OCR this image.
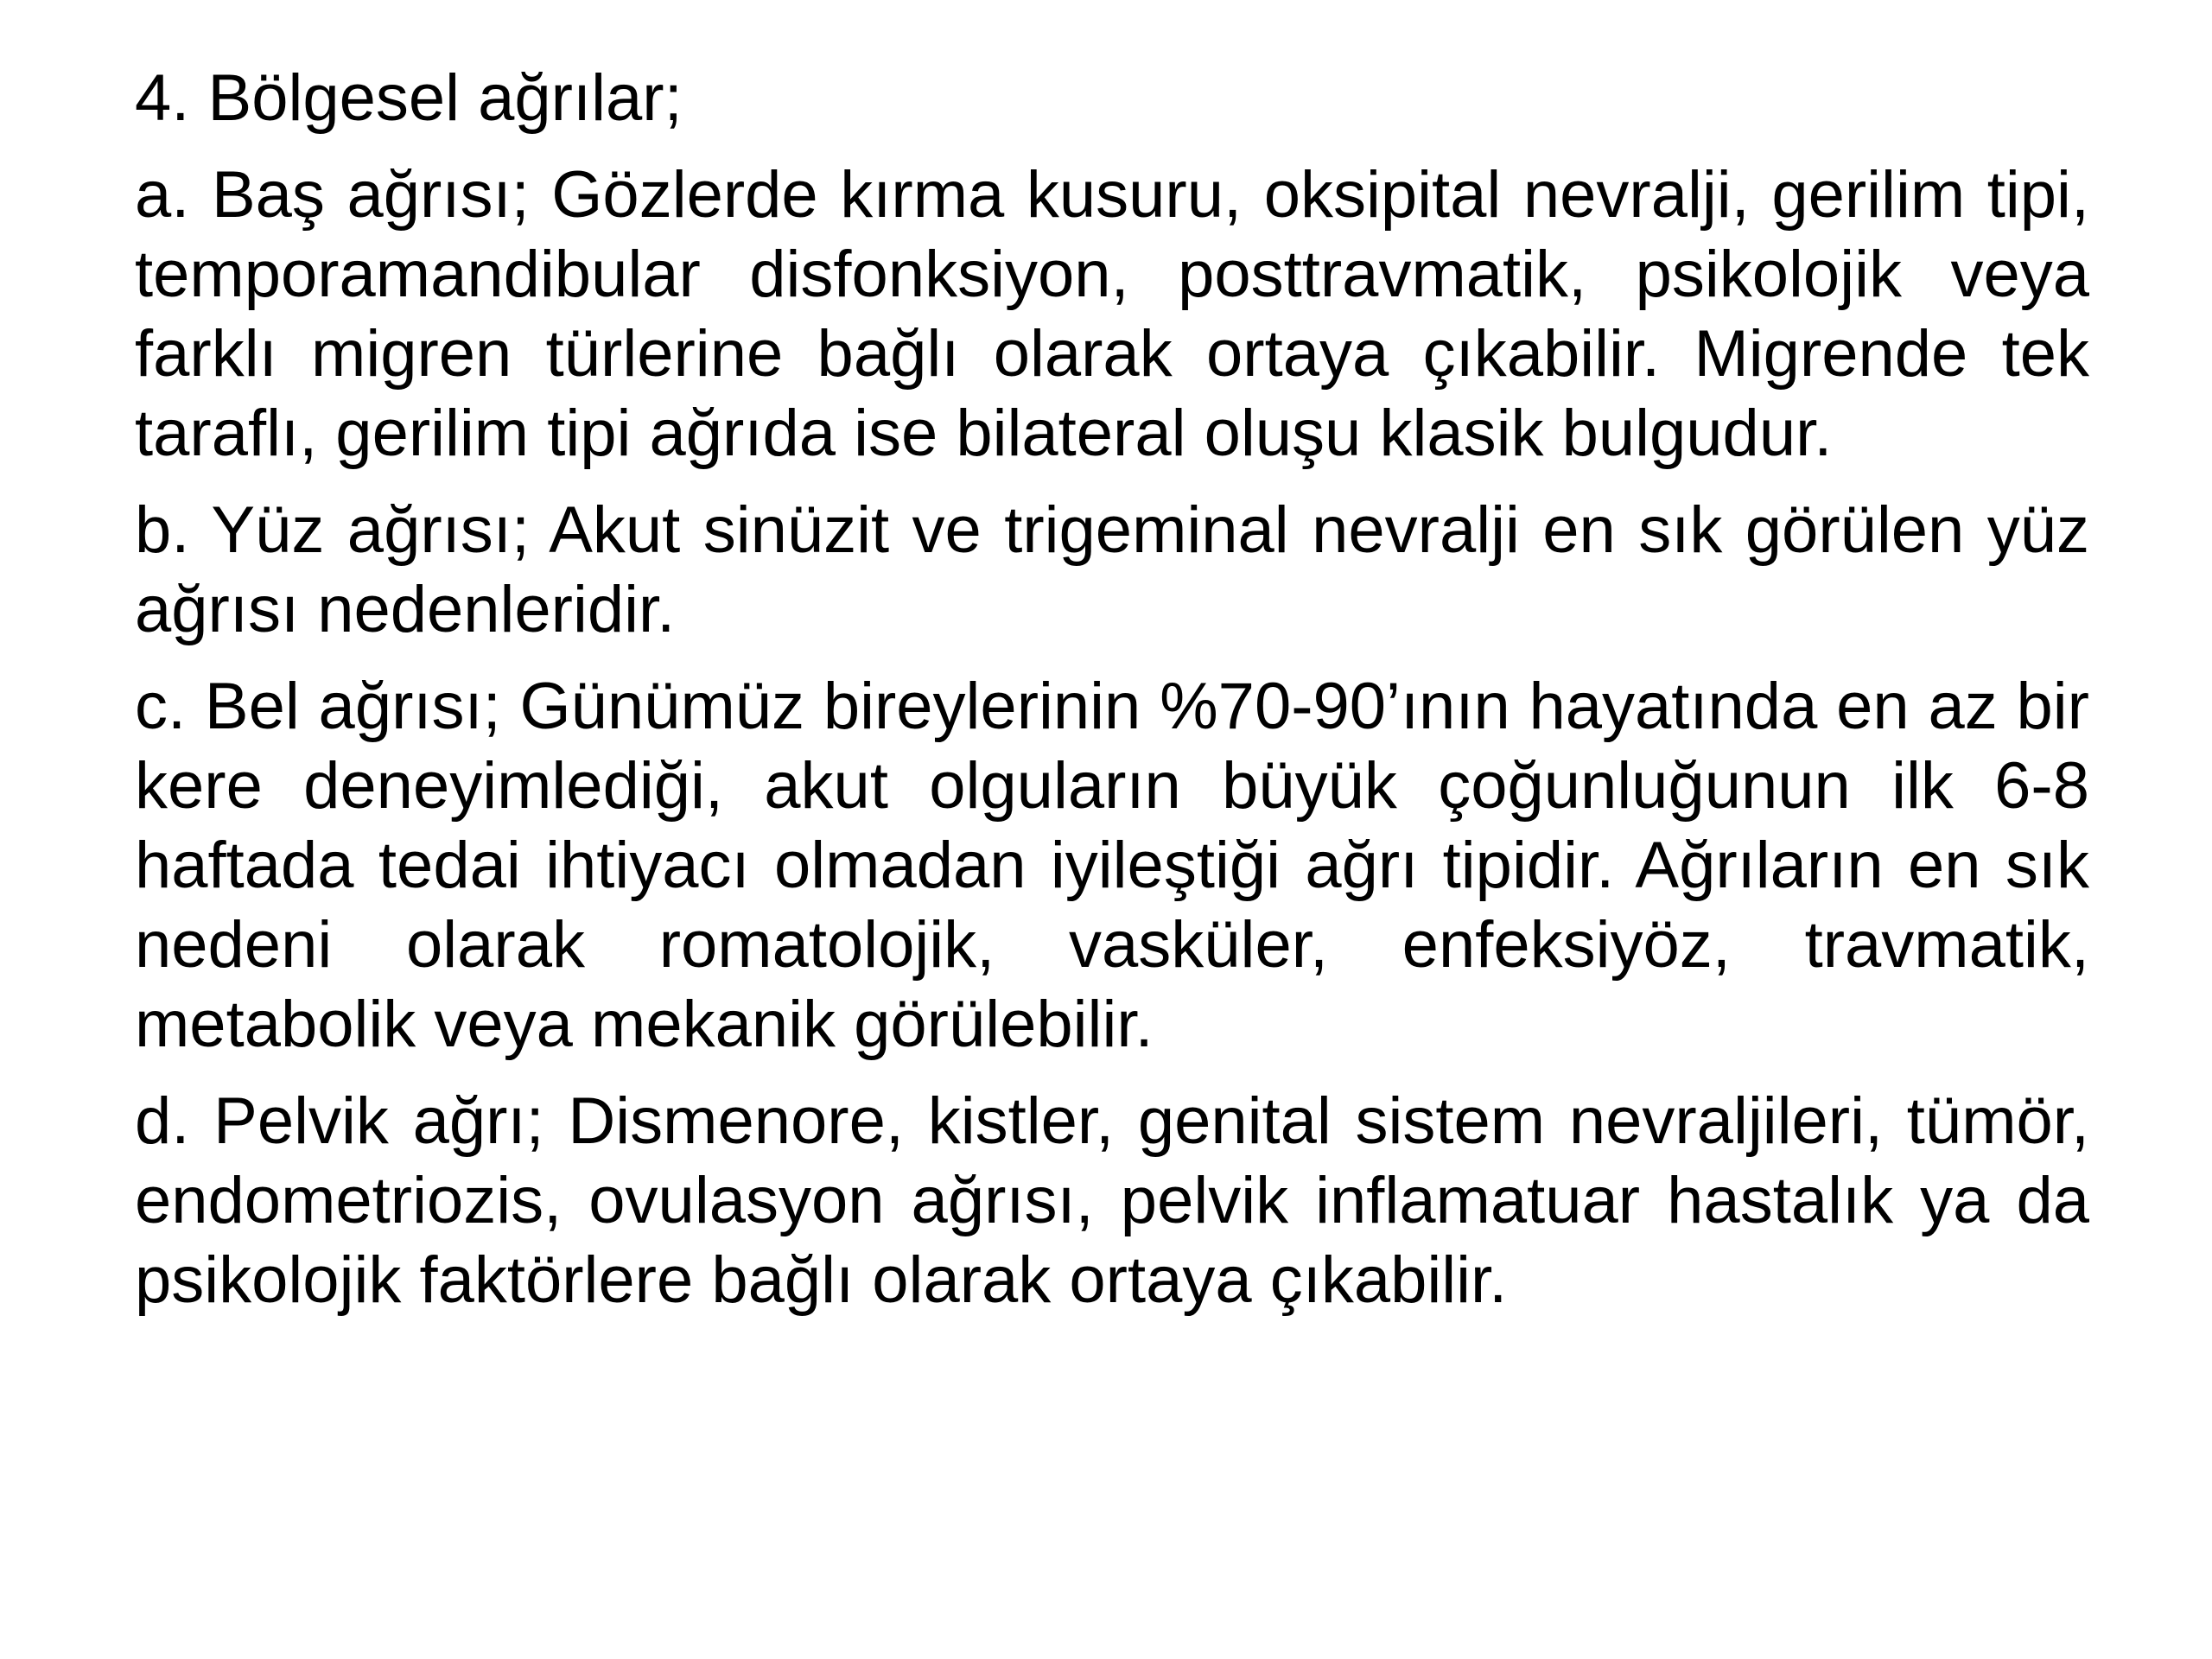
4. Bölgesel ağrılar;

a. Baş ağrısı; Gözlerde kırma kusuru, oksipital nevralji, gerilim tipi, temporamandibular disfonksiyon, posttravmatik, psikolojik veya farklı migren türlerine bağlı olarak ortaya çıkabilir. Migrende tek taraflı, gerilim tipi ağrıda ise bilateral oluşu klasik bulgudur.

b. Yüz ağrısı; Akut sinüzit ve trigeminal nevralji en sık görülen yüz ağrısı nedenleridir.

c. Bel ağrısı; Günümüz bireylerinin %70-90’ının hayatında en az bir kere deneyimlediği, akut olguların büyük çoğunluğunun ilk 6-8 haftada tedai ihtiyacı olmadan iyileştiği ağrı tipidir. Ağrıların en sık nedeni olarak romatolojik, vasküler, enfeksiyöz, travmatik, metabolik veya mekanik görülebilir.

d. Pelvik ağrı; Dismenore, kistler, genital sistem nevraljileri, tümör, endometriozis, ovulasyon ağrısı, pelvik inflamatuar hastalık ya da psikolojik faktörlere bağlı olarak ortaya çıkabilir.
